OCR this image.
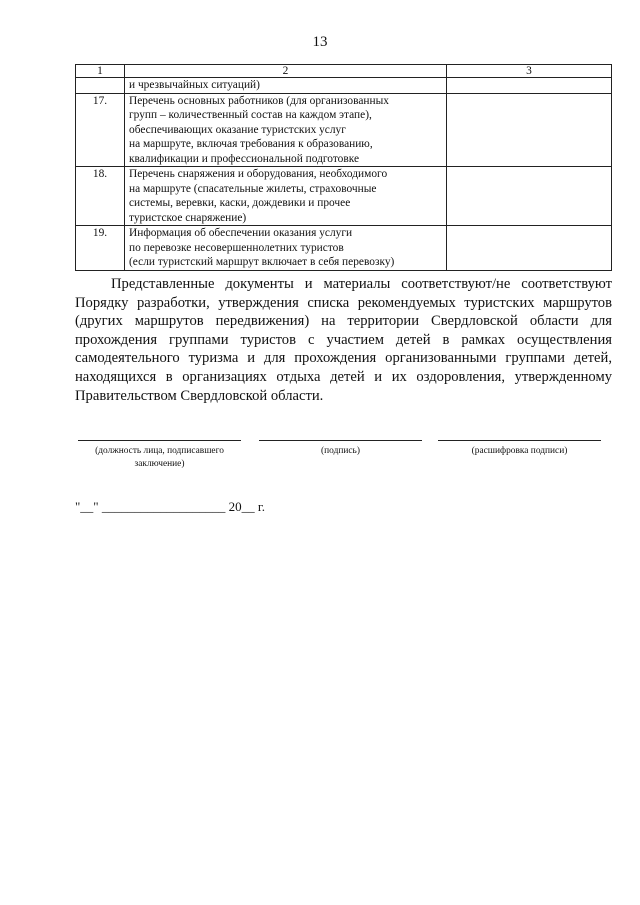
13
1	2	3
	и чрезвычайных ситуаций)	
17.	Перечень основных работников (для организованных
групп – количественный состав на каждом этапе),
обеспечивающих оказание туристских услуг
на маршруте, включая требования к образованию,
квалификации и профессиональной подготовке	

18.	Перечень снаряжения и оборудования, необходимого
на маршруте (спасательные жилеты, страховочные
системы, веревки, каски, дождевики и прочее
туристское снаряжение)	

19.	Информация об обеспечении оказания услуги
по перевозке несовершеннолетних туристов
(если туристский маршрут включает в себя перевозку)	

Представленные документы и материалы соответствуют/не соответствуют Порядку разработки, утверждения списка рекомендуемых туристских маршрутов (других маршрутов передвижения) на территории Свердловской области для прохождения группами туристов с участием детей в рамках осуществления самодеятельного туризма и для прохождения организованными группами детей, находящихся в организациях отдыха детей и их оздоровления, утвержденному Правительством Свердловской области.

(должность лица, подписавшего заключение)
(подпись)	(расшифровка подписи)
"__" ___________________ 20__ г.
